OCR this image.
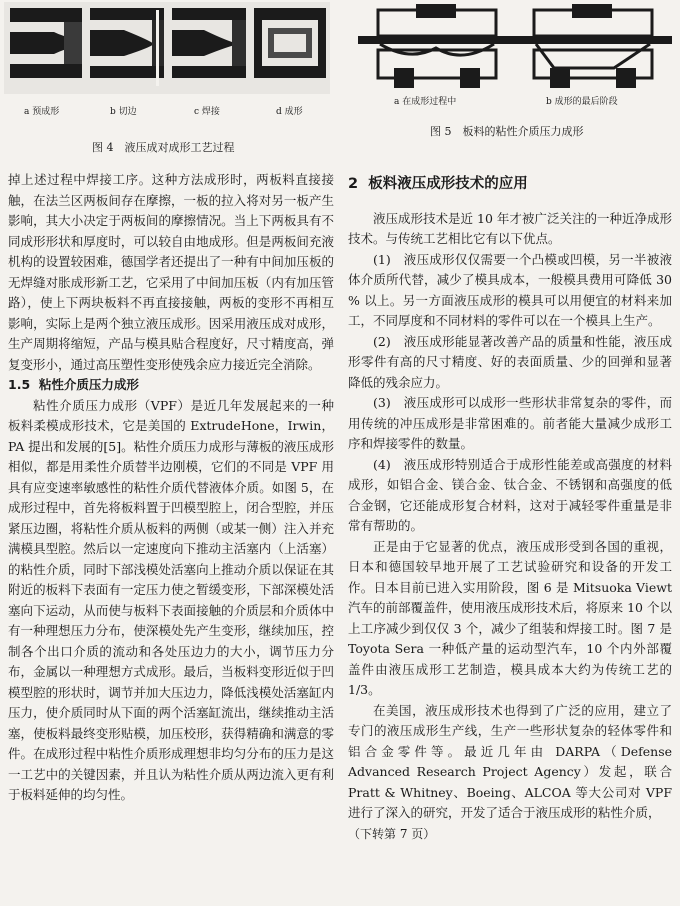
a 预成形	b 切边	c 焊接	d 成形
图 4　液压成对成形工艺过程
a 在成形过程中	b 成形的最后阶段
图 5　板料的粘性介质压力成形

掉上述过程中焊接工序。这种方法成形时，两板料直接接触，在法兰区两板间存在摩擦，一板的拉入将对另一板产生影响，其大小决定于两板间的摩擦情况。当上下两板具有不同成形形状和厚度时，可以较自由地成形。但是两板间充液机构的设置较困难，德国学者还提出了一种有中间加压板的无焊缝对胀成形新工艺，它采用了中间加压板（内有加压管路），使上下两块板料不再直接接触，两板的变形不再相互影响，实际上是两个独立液压成形。因采用液压成对成形，生产周期将缩短，产品与模具贴合程度好，尺寸精度高，弹复变形小，通过高压塑性变形使残余应力接近完全消除。

1.5 粘性介质压力成形

粘性介质压力成形（VPF）是近几年发展起来的一种板料柔模成形技术，它是美国的 ExtrudeHone，Irwin，PA 提出和发展的[5]。粘性介质压力成形与薄板的液压成形相似，都是用柔性介质替半边刚模，它们的不同是 VPF 用具有应变速率敏感性的粘性介质代替液体介质。如图 5，在成形过程中，首先将板料置于凹模型腔上，闭合型腔，并压紧压边圈，将粘性介质从板料的两侧（或某一侧）注入并充满模具型腔。然后以一定速度向下推动主活塞内（上活塞）的粘性介质，同时下部浅模处活塞向上推动介质以保证在其附近的板料下表面有一定压力使之暂缓变形，下部深模处活塞向下运动，从而使与板料下表面接触的介质层和介质体中有一种理想压力分布，使深模处先产生变形，继续加压，控制各个出口介质的流动和各处压边力的大小，调节压力分布，金属以一种理想方式成形。最后，当板料变形近似于凹模型腔的形状时，调节并加大压边力，降低浅模处活塞缸内压力，使介质同时从下面的两个活塞缸流出，继续推动主活塞，使板料最终变形贴模，加压校形，获得精确和满意的零件。在成形过程中粘性介质形成理想非均匀分布的压力是这一工艺中的关键因素，并且认为粘性介质从两边流入更有利于板料延伸的均匀性。

2 板料液压成形技术的应用

液压成形技术是近 10 年才被广泛关注的一种近净成形技术。与传统工艺相比它有以下优点。

(1)　液压成形仅仅需要一个凸模或凹模，另一半被液体介质所代替，减少了模具成本，一般模具费用可降低 30 % 以上。另一方面液压成形的模具可以用便宜的材料来加工，不同厚度和不同材料的零件可以在一个模具上生产。

(2)　液压成形能显著改善产品的质量和性能，液压成形零件有高的尺寸精度、好的表面质量、少的回弹和显著降低的残余应力。

(3)　液压成形可以成形一些形状非常复杂的零件，而用传统的冲压成形是非常困难的。前者能大量减少成形工序和焊接零件的数量。

(4)　液压成形特别适合于成形性能差或高强度的材料成形，如铝合金、镁合金、钛合金、不锈钢和高强度的低合金钢，它还能成形复合材料，这对于减轻零件重量是非常有帮助的。

正是由于它显著的优点，液压成形受到各国的重视，日本和德国较早地开展了工艺试验研究和设备的开发工作。日本目前已进入实用阶段，图 6 是 Mitsuoka Viewt 汽车的前部覆盖件，使用液压成形技术后，将原来 10 个以上工序减少到仅仅 3 个，减少了组装和焊接工时。图 7 是 Toyota Sera 一种低产量的运动型汽车，10 个内外部覆盖件由液压成形工艺制造，模具成本大约为传统工艺的 1/3。

在美国，液压成形技术也得到了广泛的应用，建立了专门的液压成形生产线，生产一些形状复杂的轻体零件和铝合金零件等。最近几年由 DARPA（Defense Advanced Research Project Agency）发起，联合 Pratt & Whitney、Boeing、ALCOA 等大公司对 VPF 进行了深入的研究，开发了适合于液压成形的粘性介质，

（下转第 7 页）
